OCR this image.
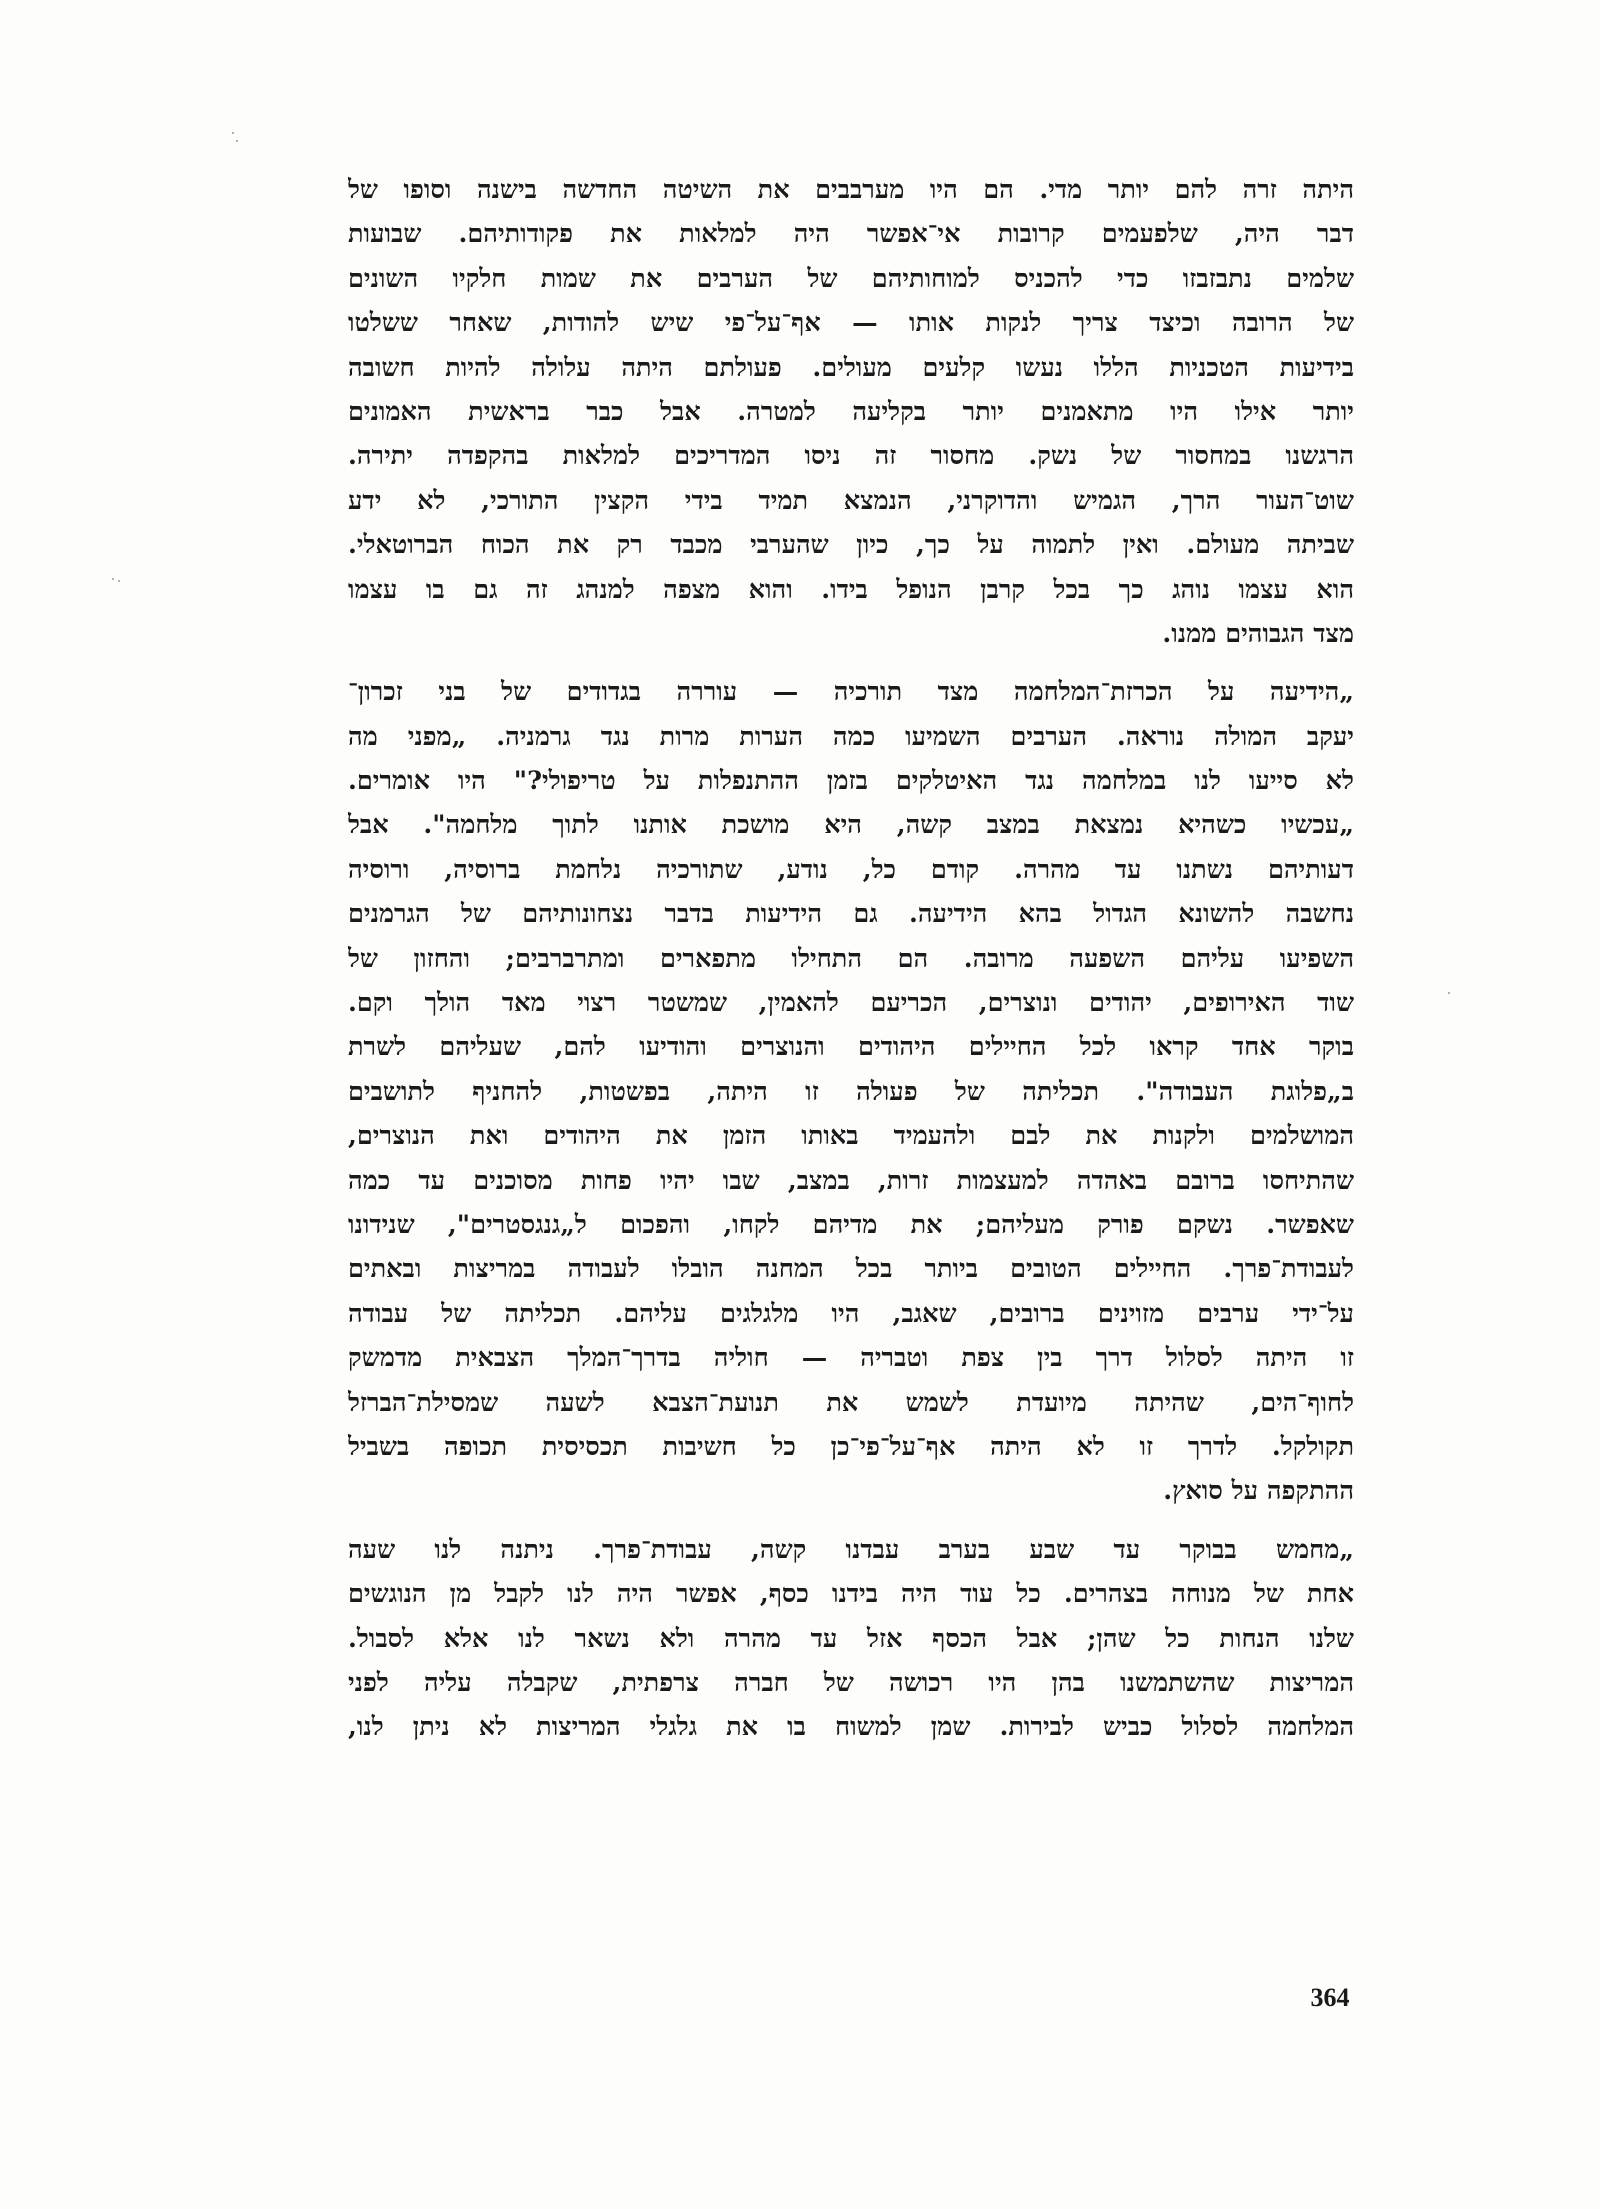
היתה זרה להם יותר מדי. הם היו מערבבים את השיטה החדשה בישנה וסופו של
דבר היה, שלפעמים קרובות אי־אפשר היה למלאות את פקודותיהם. שבועות
שלמים נתבזבזו כדי להכניס למוחותיהם של הערבים את שמות חלקיו השונים
של הרובה וכיצד צריך לנקות אותו — אף־על־פי שיש להודות, שאחר ששלטו
בידיעות הטכניות הללו נעשו קלעים מעולים. פעולתם היתה עלולה להיות חשובה
יותר אילו היו מתאמנים יותר בקליעה למטרה. אבל כבר בראשית האמונים
הרגשנו במחסור של נשק. מחסור זה ניסו המדריכים למלאות בהקפדה יתירה.
שוט־העור הרך, הגמיש והדוקרני, הנמצא תמיד בידי הקצין התורכי, לא ידע
שביתה מעולם. ואין לתמוה על כך, כיון שהערבי מכבד רק את הכוח הברוטאלי.
הוא עצמו נוהג כך בכל קרבן הנופל בידו. והוא מצפה למנהג זה גם בו עצמו
מצד הגבוהים ממנו.
„הידיעה על הכרזת־המלחמה מצד תורכיה — עוררה בגדודים של בני זכרון־
יעקב המולה נוראה. הערבים השמיעו כמה הערות מרות נגד גרמניה. „מפני מה
לא סייעו לנו במלחמה נגד האיטלקים בזמן ההתנפלות על טריפולי?" היו אומרים.
„עכשיו כשהיא נמצאת במצב קשה, היא מושכת אותנו לתוך מלחמה". אבל
דעותיהם נשתנו עד מהרה. קודם כל, נודע, שתורכיה נלחמת ברוסיה, ורוסיה
נחשבה להשונא הגדול בהא הידיעה. גם הידיעות בדבר נצחונותיהם של הגרמנים
השפיעו עליהם השפעה מרובה. הם התחילו מתפארים ומתרברבים; והחזון של
שוד האירופים, יהודים ונוצרים, הכריעם להאמין, שמשטר רצוי מאד הולך וקם.
בוקר אחד קראו לכל החיילים היהודים והנוצרים והודיעו להם, שעליהם לשרת
ב„פלוגת העבודה". תכליתה של פעולה זו היתה, בפשטות, להחניף לתושבים
המושלמים ולקנות את לבם ולהעמיד באותו הזמן את היהודים ואת הנוצרים,
שהתיחסו ברובם באהדה למעצמות זרות, במצב, שבו יהיו פחות מסוכנים עד כמה
שאפשר. נשקם פורק מעליהם; את מדיהם לקחו, והפכום ל„גנגסטרים", שנידונו
לעבודת־פרך. החיילים הטובים ביותר בכל המחנה הובלו לעבודה במריצות ובאתים
על־ידי ערבים מזוינים ברובים, שאגב, היו מלגלגים עליהם. תכליתה של עבודה
זו היתה לסלול דרך בין צפת וטבריה — חוליה בדרך־המלך הצבאית מדמשק
לחוף־הים, שהיתה מיועדת לשמש את תנועת־הצבא לשעה שמסילת־הברזל
תקולקל. לדרך זו לא היתה אף־על־פי־כן כל חשיבות תכסיסית תכופה בשביל
ההתקפה על סואץ.
„מחמש בבוקר עד שבע בערב עבדנו קשה, עבודת־פרך. ניתנה לנו שעה
אחת של מנוחה בצהרים. כל עוד היה בידנו כסף, אפשר היה לנו לקבל מן הנוגשים
שלנו הנחות כל שהן; אבל הכסף אזל עד מהרה ולא נשאר לנו אלא לסבול.
המריצות שהשתמשנו בהן היו רכושה של חברה צרפתית, שקבלה עליה לפני
המלחמה לסלול כביש לבירות. שמן למשוח בו את גלגלי המריצות לא ניתן לנו,
364
